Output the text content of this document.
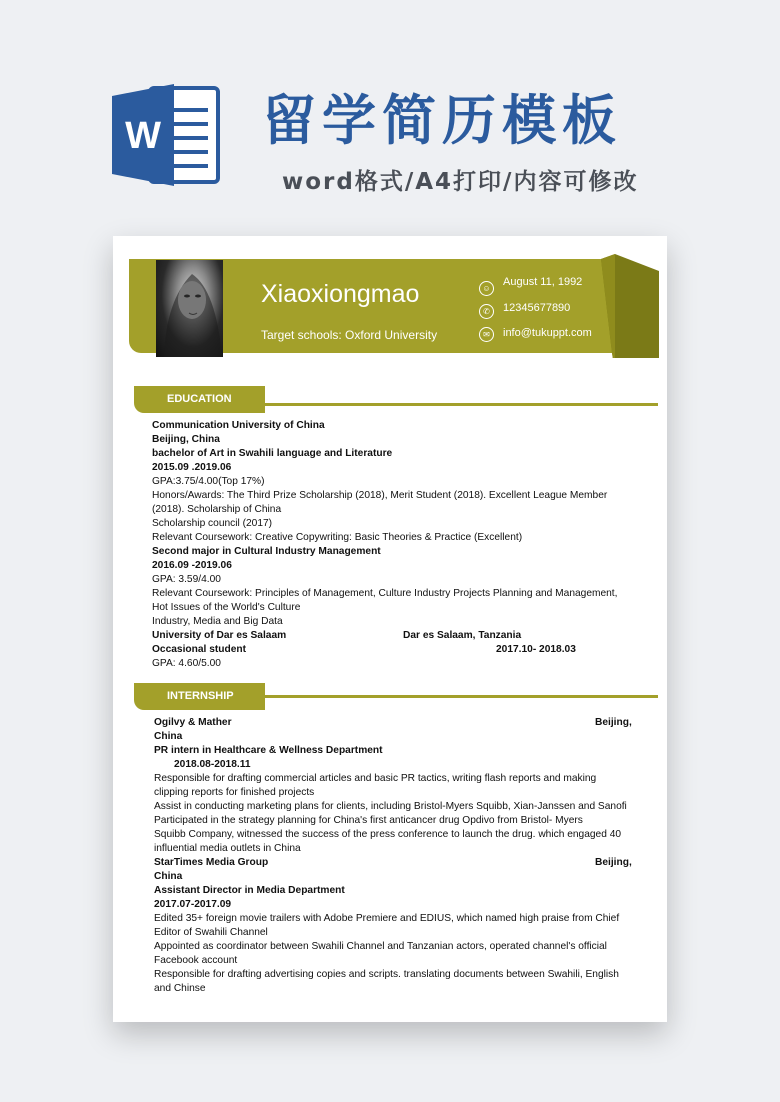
W 留学简历模板
word格式/A4打印/内容可修改
Xiaoxiongmao
Target schools: Oxford University
☺
August 11, 1992
✆	12345677890
✉	info@tukuppt.com
EDUCATION
Communication University of China
Beijing, China
bachelor of Art in Swahili language and Literature
2015.09 .2019.06
GPA:3.75/4.00(Top 17%)
Honors/Awards: The Third Prize Scholarship (2018), Merit Student (2018). Excellent League Member
(2018). Scholarship of China
Scholarship council (2017)
Relevant Coursework: Creative Copywriting: Basic Theories & Practice (Excellent)
Second major in Cultural Industry Management
2016.09 -2019.06
GPA: 3.59/4.00
Relevant Coursework: Principles of Management, Culture Industry Projects Planning and Management,
Hot Issues of the World's Culture
Industry, Media and Big Data
University of Dar es Salaam	Dar es Salaam, Tanzania
Occasional student	2017.10- 2018.03
GPA: 4.60/5.00
INTERNSHIP
Ogilvy & Mather	Beijing,
China
PR intern in Healthcare & Wellness Department
2018.08-2018.11
Responsible for drafting commercial articles and basic PR tactics, writing flash reports and making
clipping reports for finished projects
Assist in conducting marketing plans for clients, including Bristol-Myers Squibb, Xian-Janssen and Sanofi
Participated in the strategy planning for China's first anticancer drug Opdivo from Bristol- Myers
Squibb Company, witnessed the success of the press conference to launch the drug. which engaged 40
influential media outlets in China
StarTimes Media Group	Beijing,
China
Assistant Director in Media Department
2017.07-2017.09
Edited 35+ foreign movie trailers with Adobe Premiere and EDIUS, which named high praise from Chief
Editor of Swahili Channel
Appointed as coordinator between Swahili Channel and Tanzanian actors, operated channel's official
Facebook account
Responsible for drafting advertising copies and scripts. translating documents between Swahili, English
and Chinse
